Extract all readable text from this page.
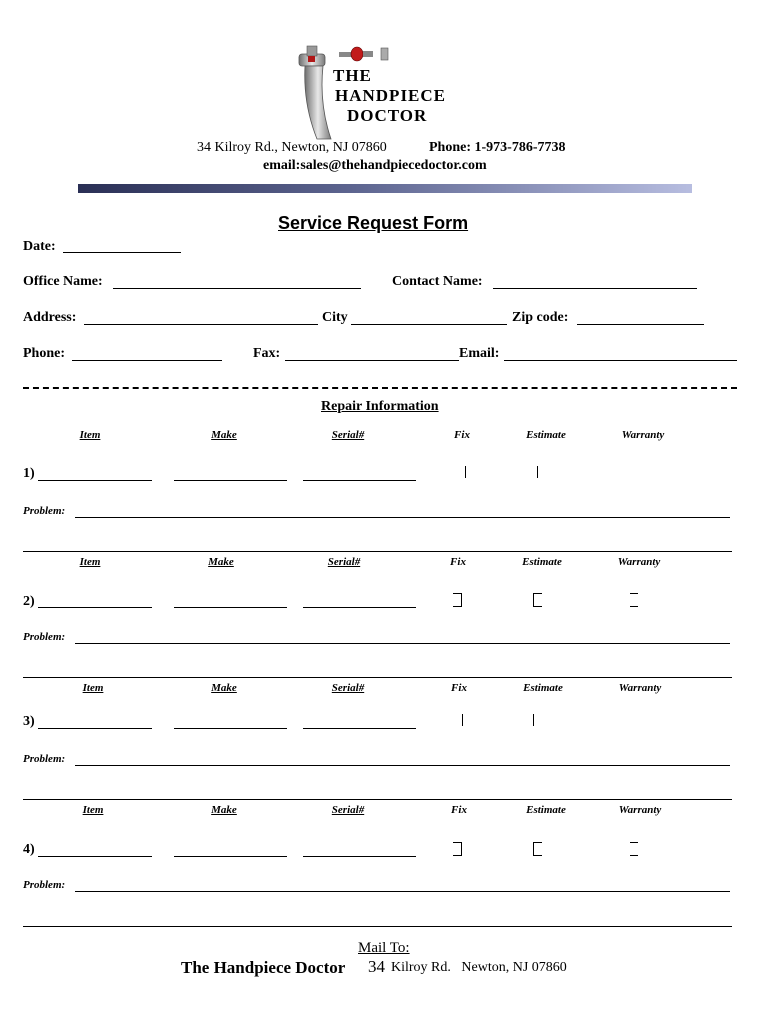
THE
HANDPIECE
DOCTOR
34 Kilroy Rd., Newton, NJ 07860	Phone: 1-973-786-7738
email:sales@thehandpiecedoctor.com
Service Request Form
Date:
Office Name:	Contact Name:
Address:	City	Zip code:
Phone:	Fax:	Email:
Repair Information
Item	Make	Serial#	Fix	Estimate	Warranty
1)
Problem:
Item	Make	Serial#	Fix	Estimate	Warranty
2)
Problem:
Item	Make	Serial#	Fix	Estimate	Warranty
3)
Problem:
Item	Make	Serial#	Fix	Estimate	Warranty
4)
Problem:
Mail To:
The Handpiece Doctor 34 Kilroy Rd.   Newton, NJ 07860
